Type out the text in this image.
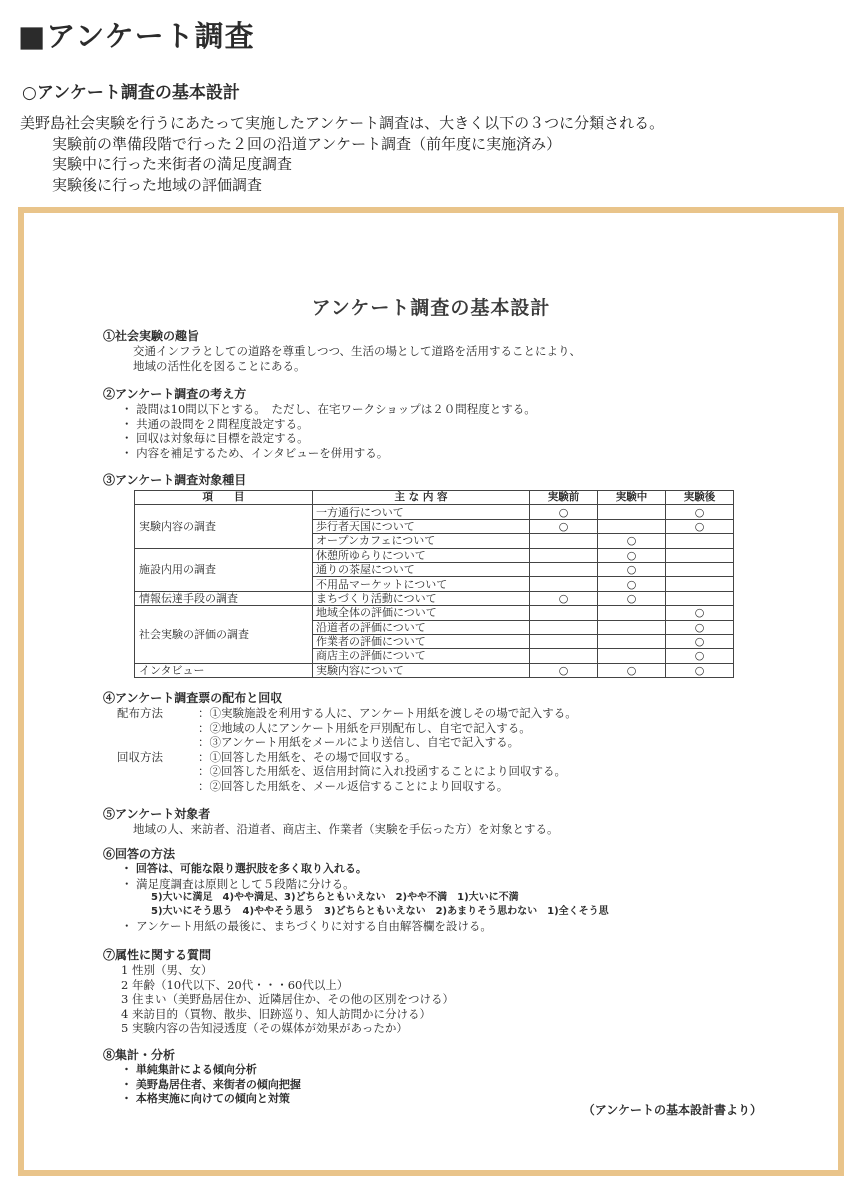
■アンケート調査
○アンケート調査の基本設計
美野島社会実験を行うにあたって実施したアンケート調査は、大きく以下の３つに分類される。
実験前の準備段階で行った２回の沿道アンケート調査（前年度に実施済み）
実験中に行った来街者の満足度調査
実験後に行った地域の評価調査
アンケート調査の基本設計
①社会実験の趣旨
交通インフラとしての道路を尊重しつつ、生活の場として道路を活用することにより、
地域の活性化を図ることにある。
②アンケート調査の考え方
・ 設問は10問以下とする。　ただし、在宅ワークショップは２０問程度とする。
・ 共通の設問を２問程度設定する。
・ 回収は対象毎に目標を設定する。
・ 内容を補足するため、インタビューを併用する。
③アンケート調査対象種目
項　　目	主 な 内 容	実験前	実験中	実験後
実験内容の調査	一方通行について	○		○
	歩行者天国について	○		○
	オープンカフェについて		○	
施設内用の調査	休憩所ゆらりについて		○	
	通りの茶屋について		○	
	不用品マーケットについて		○	
情報伝達手段の調査	まちづくり活動について	○	○	
社会実験の評価の調査	地域全体の評価について			○
	沿道者の評価について			○
	作業者の評価について			○
	商店主の評価について			○
インタビュー	実験内容について	○	○	○
④アンケート調査票の配布と回収
配布方法	：①実験施設を利用する人に、アンケート用紙を渡しその場で記入する。
：②地域の人にアンケート用紙を戸別配布し、自宅で記入する。
：③アンケート用紙をメールにより送信し、自宅で記入する。
回収方法	：①回答した用紙を、その場で回収する。
：②回答した用紙を、返信用封筒に入れ投函することにより回収する。
：②回答した用紙を、メール返信することにより回収する。
⑤アンケート対象者
地域の人、来訪者、沿道者、商店主、作業者（実験を手伝った方）を対象とする。
⑥回答の方法
・ 回答は、可能な限り選択肢を多く取り入れる。
・ 満足度調査は原則として５段階に分ける。
5)大いに満足　4)やや満足、3)どちらともいえない　2)やや不満　1)大いに不満
5)大いにそう思う　4)ややそう思う　3)どちらともいえない　2)あまりそう思わない　1)全くそう思
・ アンケート用紙の最後に、まちづくりに対する自由解答欄を設ける。
⑦属性に関する質問
1 性別（男、女）
2 年齢（10代以下、20代・・・60代以上）
3 住まい（美野島居住か、近隣居住か、その他の区別をつける）
4 来訪目的（買物、散歩、旧跡巡り、知人訪問かに分ける）
5 実験内容の告知浸透度（その媒体が効果があったか）
⑧集計・分析
・ 単純集計による傾向分析
・ 美野島居住者、来街者の傾向把握
・ 本格実施に向けての傾向と対策
（アンケートの基本設計書より）
